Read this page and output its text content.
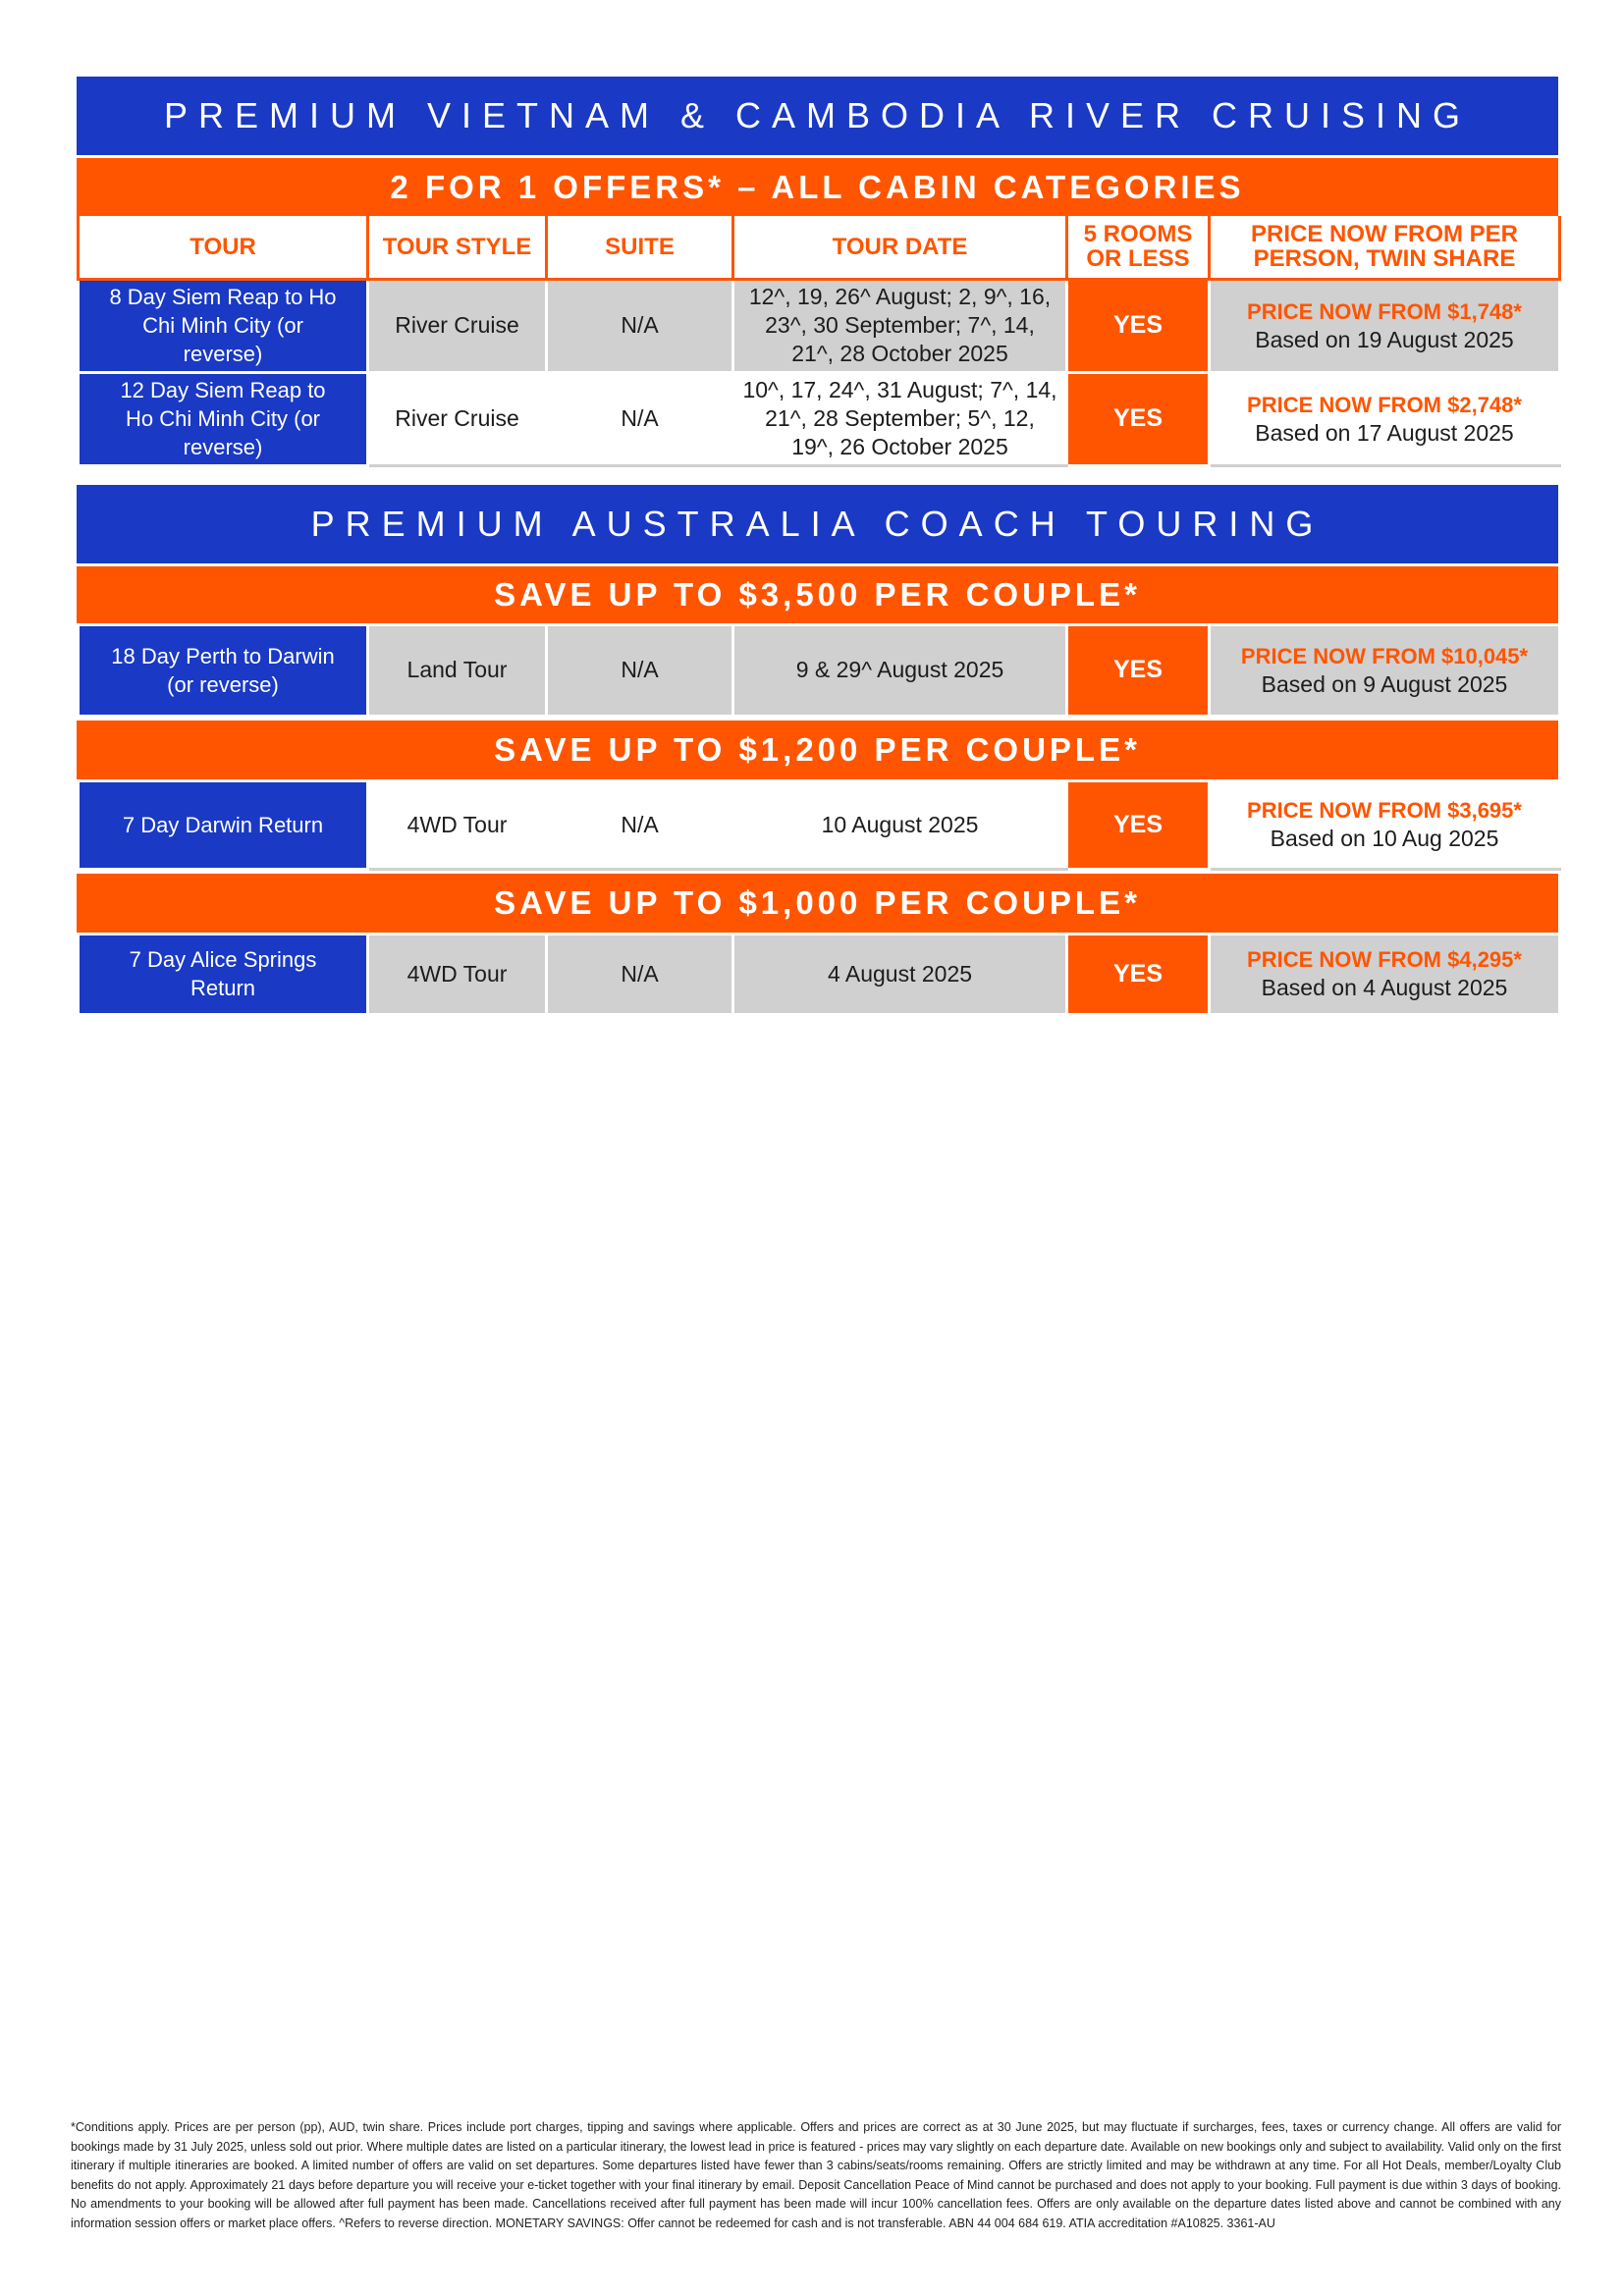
PREMIUM VIETNAM & CAMBODIA RIVER CRUISING
2 FOR 1 OFFERS* – ALL CABIN CATEGORIES
TOUR	TOUR STYLE	SUITE	TOUR DATE	5 ROOMS OR LESS	PRICE NOW FROM PER PERSON, TWIN SHARE
8 Day Siem Reap to Ho Chi Minh City (or reverse)	River Cruise	N/A	12^, 19, 26^ August; 2, 9^, 16, 23^, 30 September; 7^, 14, 21^, 28 October 2025	YES	PRICE NOW FROM $1,748*
Based on 19 August 2025

12 Day Siem Reap to Ho Chi Minh City (or reverse)	River Cruise	N/A	10^, 17, 24^, 31 August; 7^, 14, 21^, 28 September; 5^, 12, 19^, 26 October 2025	YES	PRICE NOW FROM $2,748*
Based on 17 August 2025
PREMIUM AUSTRALIA COACH TOURING
SAVE UP TO $3,500 PER COUPLE*
18 Day Perth to Darwin (or reverse)	Land Tour	N/A	9 & 29^ August 2025	YES	PRICE NOW FROM $10,045*
Based on 9 August 2025
SAVE UP TO $1,200 PER COUPLE*
7 Day Darwin Return	4WD Tour	N/A	10 August 2025	YES	PRICE NOW FROM $3,695*
Based on 10 Aug 2025
SAVE UP TO $1,000 PER COUPLE*
7 Day Alice Springs Return	4WD Tour	N/A	4 August 2025	YES	PRICE NOW FROM $4,295*
Based on 4 August 2025
*Conditions apply. Prices are per person (pp), AUD, twin share. Prices include port charges, tipping and savings where applicable. Offers and prices are correct as at 30 June 2025, but may fluctuate if surcharges, fees, taxes or currency change. All offers are valid for bookings made by 31 July 2025, unless sold out prior. Where multiple dates are listed on a particular itinerary, the lowest lead in price is featured - prices may vary slightly on each departure date. Available on new bookings only and subject to availability. Valid only on the first itinerary if multiple itineraries are booked. A limited number of offers are valid on set departures. Some departures listed have fewer than 3 cabins/seats/rooms remaining. Offers are strictly limited and may be withdrawn at any time. For all Hot Deals, member/Loyalty Club benefits do not apply. Approximately 21 days before departure you will receive your e-ticket together with your final itinerary by email. Deposit Cancellation Peace of Mind cannot be purchased and does not apply to your booking. Full payment is due within 3 days of booking. No amendments to your booking will be allowed after full payment has been made. Cancellations received after full payment has been made will incur 100% cancellation fees. Offers are only available on the departure dates listed above and cannot be combined with any information session offers or market place offers. ^Refers to reverse direction. MONETARY SAVINGS: Offer cannot be redeemed for cash and is not transferable. ABN 44 004 684 619. ATIA accreditation #A10825. 3361-AU
